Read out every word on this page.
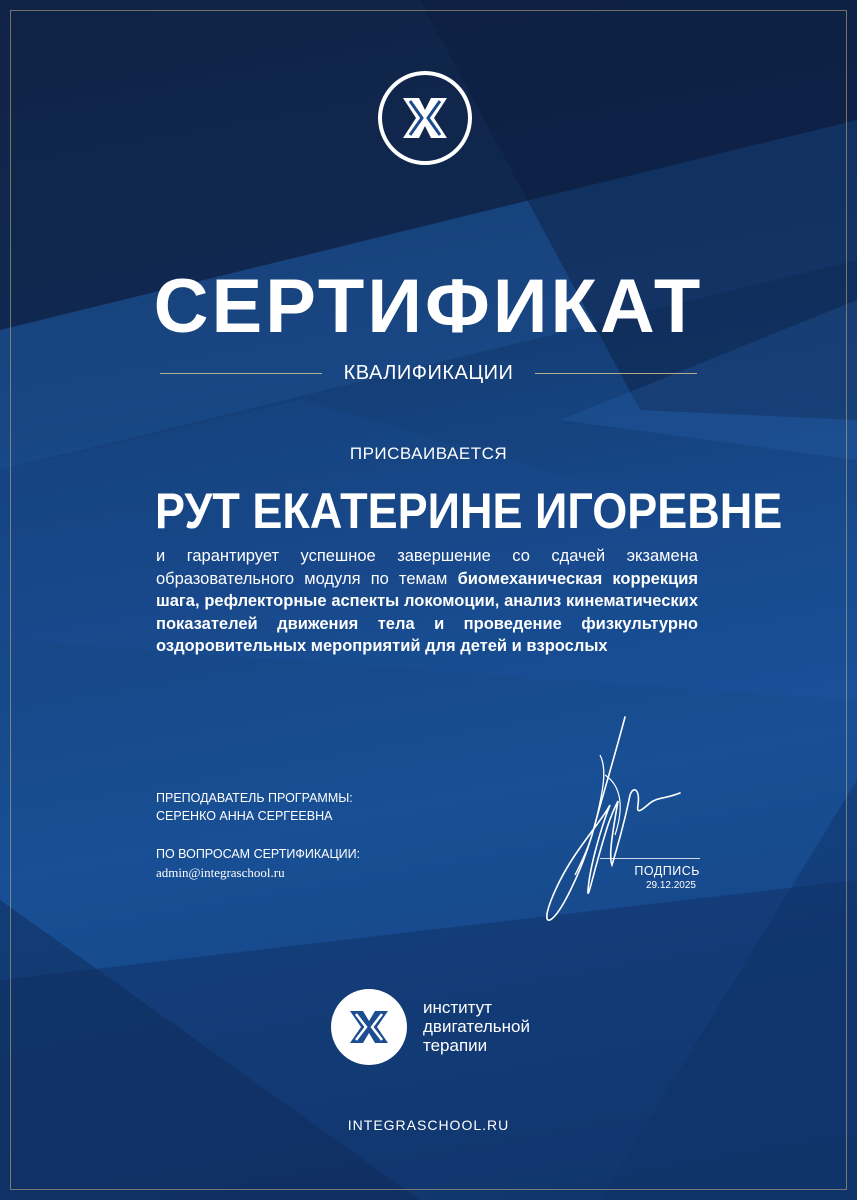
СЕРТИФИКАТ
КВАЛИФИКАЦИИ
ПРИСВАИВАЕТСЯ
РУТ ЕКАТЕРИНЕ ИГОРЕВНЕ
и гарантирует успешное завершение со сдачей экзамена образовательного модуля по темам биомеханическая коррекция шага, рефлекторные аспекты локомоции, анализ кинематических показателей движения тела и проведение физкультурно оздоровительных мероприятий для детей и взрослых
ПРЕПОДАВАТЕЛЬ ПРОГРАММЫ:
СЕРЕНКО АННА СЕРГЕЕВНА
ПО ВОПРОСАМ СЕРТИФИКАЦИИ:
admin@integraschool.ru	ПОДПИСЬ
29.12.2025
институт
двигательной
терапии
INTEGRASCHOOL.RU
